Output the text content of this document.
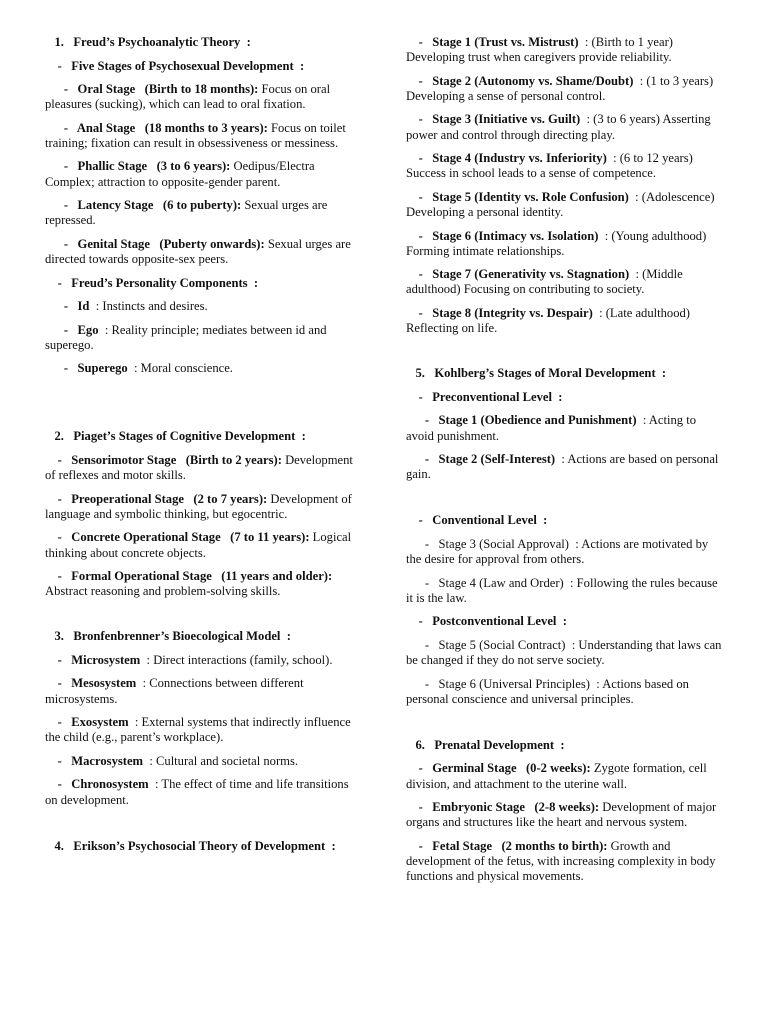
1.   Freud’s Psychoanalytic Theory  :

-   Five Stages of Psychosexual Development  :

-   Oral Stage   (Birth to 18 months): Focus on oral pleasures (sucking), which can lead to oral fixation.

-   Anal Stage   (18 months to 3 years): Focus on toilet training; fixation can result in obsessiveness or messiness.

-   Phallic Stage   (3 to 6 years): Oedipus/Electra Complex; attraction to opposite-gender parent.

-   Latency Stage   (6 to puberty): Sexual urges are repressed.

-   Genital Stage   (Puberty onwards): Sexual urges are directed towards opposite-sex peers.

-   Freud’s Personality Components  :

-   Id  : Instincts and desires.

-   Ego  : Reality principle; mediates between id and superego.

-   Superego  : Moral conscience.

2.   Piaget’s Stages of Cognitive Development  :

-   Sensorimotor Stage   (Birth to 2 years): Development of reflexes and motor skills.

-   Preoperational Stage   (2 to 7 years): Development of language and symbolic thinking, but egocentric.

-   Concrete Operational Stage   (7 to 11 years): Logical thinking about concrete objects.

-   Formal Operational Stage   (11 years and older): Abstract reasoning and problem-solving skills.

3.   Bronfenbrenner’s Bioecological Model  :

-   Microsystem  : Direct interactions (family, school).

-   Mesosystem  : Connections between different microsystems.

-   Exosystem  : External systems that indirectly influence the child (e.g., parent’s workplace).

-   Macrosystem  : Cultural and societal norms.

-   Chronosystem  : The effect of time and life transitions on development.

4.   Erikson’s Psychosocial Theory of Development  :

-   Stage 1 (Trust vs. Mistrust)  : (Birth to 1 year) Developing trust when caregivers provide reliability.

-   Stage 2 (Autonomy vs. Shame/Doubt)  : (1 to 3 years) Developing a sense of personal control.

-   Stage 3 (Initiative vs. Guilt)  : (3 to 6 years) Asserting power and control through directing play.

-   Stage 4 (Industry vs. Inferiority)  : (6 to 12 years) Success in school leads to a sense of competence.

-   Stage 5 (Identity vs. Role Confusion)  : (Adolescence) Developing a personal identity.

-   Stage 6 (Intimacy vs. Isolation)  : (Young adulthood) Forming intimate relationships.

-   Stage 7 (Generativity vs. Stagnation)  : (Middle adulthood) Focusing on contributing to society.

-   Stage 8 (Integrity vs. Despair)  : (Late adulthood) Reflecting on life.

5.   Kohlberg’s Stages of Moral Development  :

-   Preconventional Level  :

-   Stage 1 (Obedience and Punishment)  : Acting to avoid punishment.

-   Stage 2 (Self-Interest)  : Actions are based on personal gain.

-   Conventional Level  :

-   Stage 3 (Social Approval)  : Actions are motivated by the desire for approval from others.

-   Stage 4 (Law and Order)  : Following the rules because it is the law.

-   Postconventional Level  :

-   Stage 5 (Social Contract)  : Understanding that laws can be changed if they do not serve society.

-   Stage 6 (Universal Principles)  : Actions based on personal conscience and universal principles.

6.   Prenatal Development  :

-   Germinal Stage   (0-2 weeks): Zygote formation, cell division, and attachment to the uterine wall.

-   Embryonic Stage   (2-8 weeks): Development of major organs and structures like the heart and nervous system.

-   Fetal Stage   (2 months to birth): Growth and development of the fetus, with increasing complexity in body functions and physical movements.
